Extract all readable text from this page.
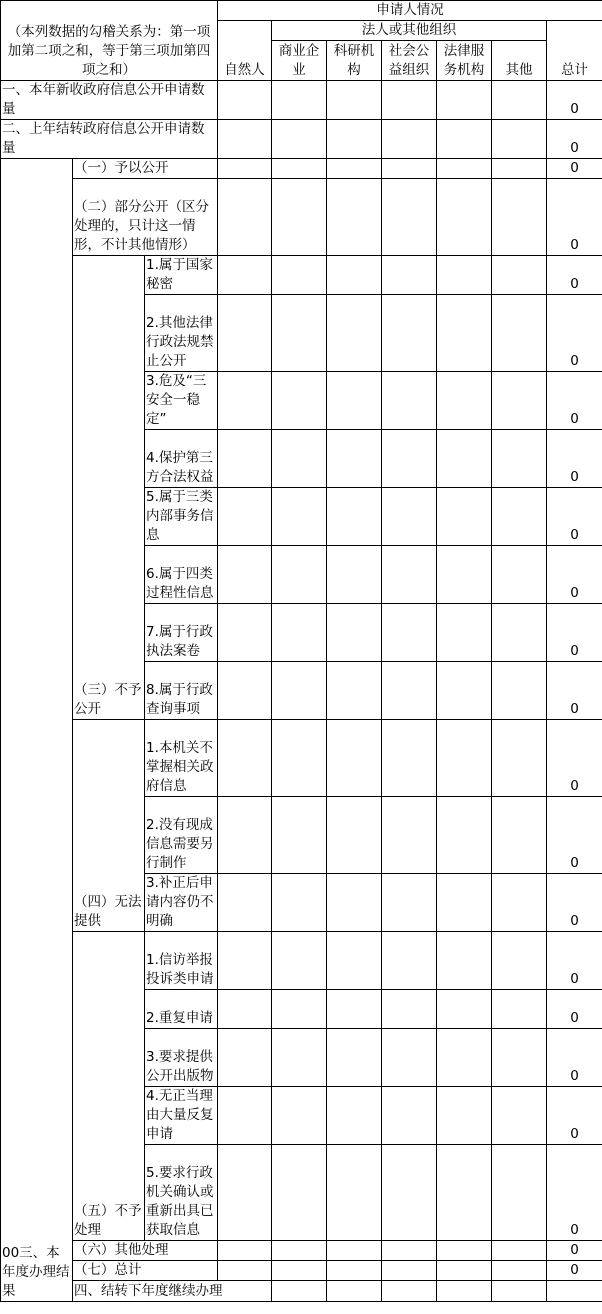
（本列数据的勾稽关系为：第一项加第二项之和，等于第三项加第四项之和）			申请人情况							
			自然人	法人或其他组织					总计	
				商业企业	科研机构	社会公益组织	法律服务机构	其他		
一、本年新收政府信息公开申请数量									0	
二、上年结转政府信息公开申请数量									0	
00三、本年度办理结果	（一）予以公开								0	
	（二）部分公开（区分处理的，只计这一情形，不计其他情形）								0	
	（三）不予公开	1.属于国家秘密							0	
		2.其他法律行政法规禁止公开							0	
		3.危及“三安全一稳定”							0	
		4.保护第三方合法权益							0	
		5.属于三类内部事务信息							0	
		6.属于四类过程性信息							0	
		7.属于行政执法案卷							0	
		8.属于行政查询事项							0	
	（四）无法提供	1.本机关不掌握相关政府信息							0	
		2.没有现成信息需要另行制作							0	
		3.补正后申请内容仍不明确							0	
	（五）不予处理	1.信访举报投诉类申请							0	
		2.重复申请							0	
		3.要求提供公开出版物							0	
		4.无正当理由大量反复申请							0	
		5.要求行政机关确认或重新出具已获取信息							0	
	（六）其他处理								0	
	（七）总计								0	
	四、结转下年度继续办理							
